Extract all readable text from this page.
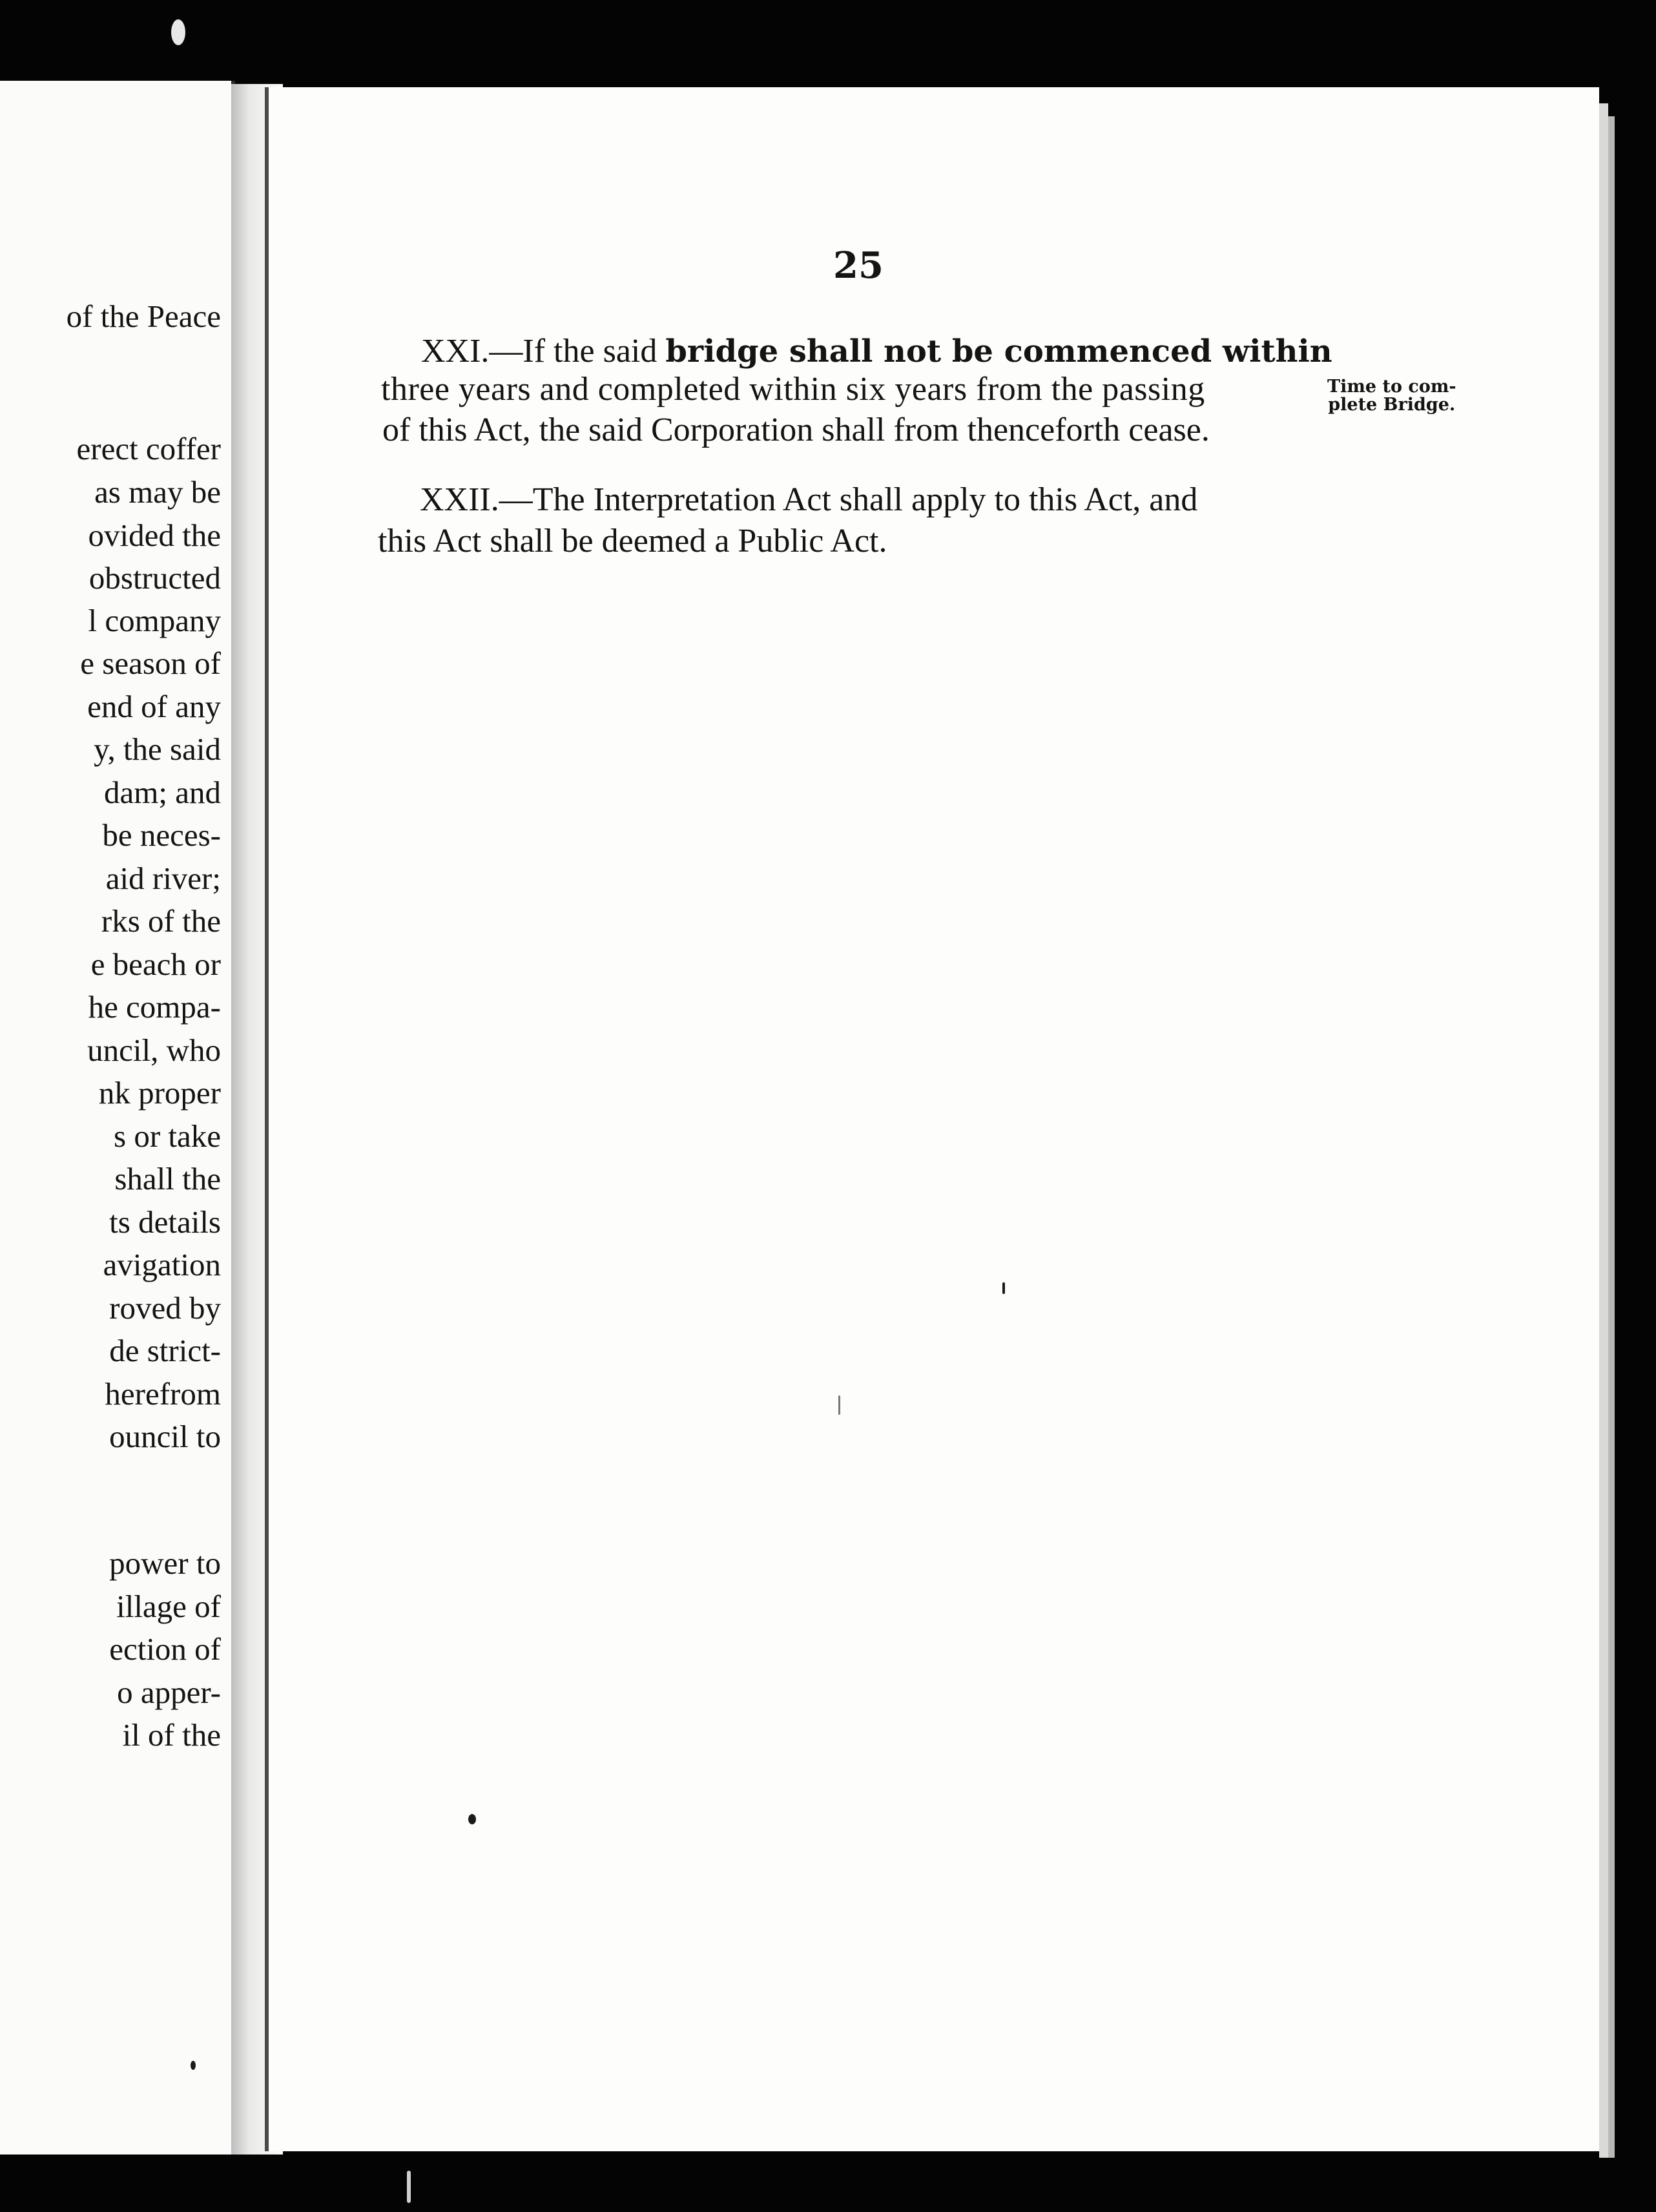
of the Peace
erect coffer
as may be
ovided the
obstructed
l company
e season of
end of any
y, the said
dam; and
be neces-
aid river;
rks of the
e beach or
he compa-
uncil, who
nk proper
s or take
shall the
ts details
avigation
roved by
de strict-
herefrom
ouncil to
power to
illage of
ection of
o apper-
il of the
25
XXI.—If the said bridge shall not be commenced within
three years and completed within six years from the passing
of this Act, the said Corporation shall from thenceforth cease.
Time to com-
plete Bridge.
XXII.—The Interpretation Act shall apply to this Act, and
this Act shall be deemed a Public Act.
